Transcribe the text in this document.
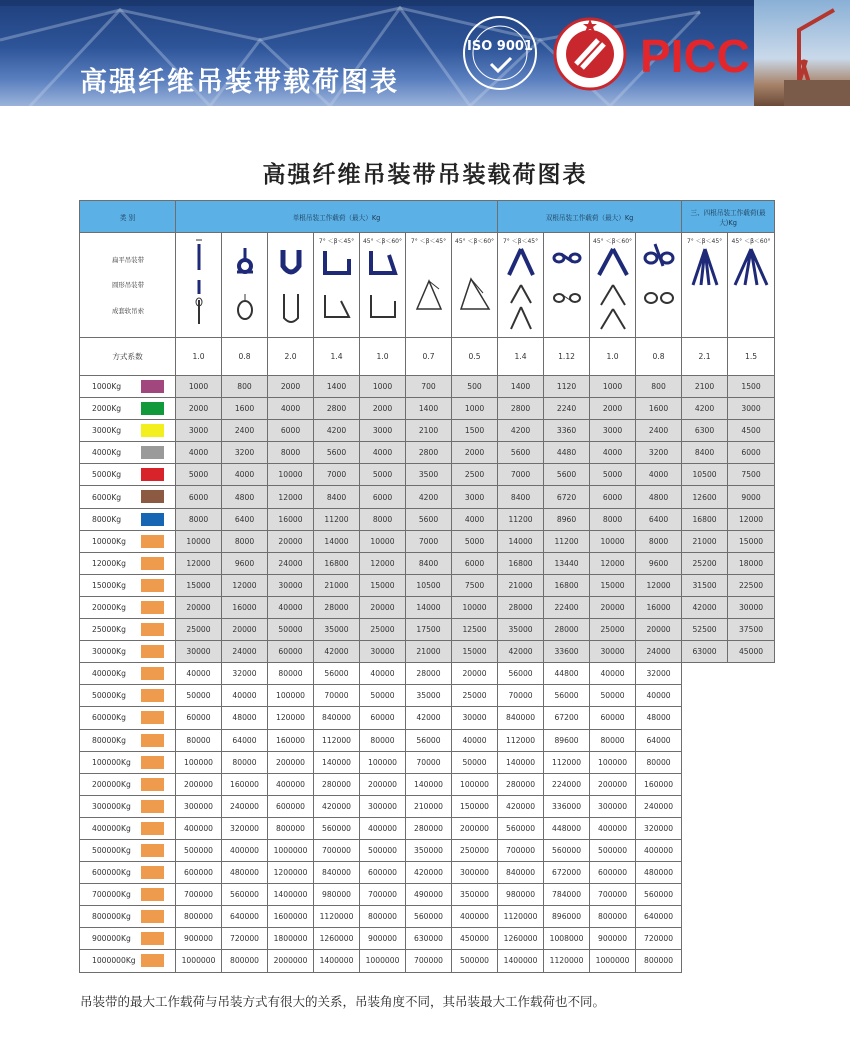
高强纤维吊装带载荷图表
ISO 9001 PICC
高强纤维吊装带吊装载荷图表
类 别	单根吊装工作载荷（最大）Kg							双根吊装工作载荷（最大）Kg				三、四根吊装工作载荷(最大)Kg	

扁平吊装带
圆形吊装带
成套软吊索				7° ＜β＜45°	45° ＜β＜60°	7° ＜β＜45°	45° ＜β＜60°	7° ＜β＜45°		45° ＜β＜60°		7° ＜β＜45°	45° ＜β＜60°

方式系数	1.0	0.8	2.0	1.4	1.0	0.7	0.5	1.4	1.12	1.0	0.8	2.1	1.5
1000Kg	1000	800	2000	1400	1000	700	500	1400	1120	1000	800	2100	1500
2000Kg	2000	1600	4000	2800	2000	1400	1000	2800	2240	2000	1600	4200	3000
3000Kg	3000	2400	6000	4200	3000	2100	1500	4200	3360	3000	2400	6300	4500
4000Kg	4000	3200	8000	5600	4000	2800	2000	5600	4480	4000	3200	8400	6000
5000Kg	5000	4000	10000	7000	5000	3500	2500	7000	5600	5000	4000	10500	7500
6000Kg	6000	4800	12000	8400	6000	4200	3000	8400	6720	6000	4800	12600	9000
8000Kg	8000	6400	16000	11200	8000	5600	4000	11200	8960	8000	6400	16800	12000
10000Kg	10000	8000	20000	14000	10000	7000	5000	14000	11200	10000	8000	21000	15000
12000Kg	12000	9600	24000	16800	12000	8400	6000	16800	13440	12000	9600	25200	18000
15000Kg	15000	12000	30000	21000	15000	10500	7500	21000	16800	15000	12000	31500	22500
20000Kg	20000	16000	40000	28000	20000	14000	10000	28000	22400	20000	16000	42000	30000
25000Kg	25000	20000	50000	35000	25000	17500	12500	35000	28000	25000	20000	52500	37500
30000Kg	30000	24000	60000	42000	30000	21000	15000	42000	33600	30000	24000	63000	45000
40000Kg	40000	32000	80000	56000	40000	28000	20000	56000	44800	40000	32000		
50000Kg	50000	40000	100000	70000	50000	35000	25000	70000	56000	50000	40000		
60000Kg	60000	48000	120000	840000	60000	42000	30000	840000	67200	60000	48000		
80000Kg	80000	64000	160000	112000	80000	56000	40000	112000	89600	80000	64000		
100000Kg	100000	80000	200000	140000	100000	70000	50000	140000	112000	100000	80000		
200000Kg	200000	160000	400000	280000	200000	140000	100000	280000	224000	200000	160000		
300000Kg	300000	240000	600000	420000	300000	210000	150000	420000	336000	300000	240000		
400000Kg	400000	320000	800000	560000	400000	280000	200000	560000	448000	400000	320000		
500000Kg	500000	400000	1000000	700000	500000	350000	250000	700000	560000	500000	400000		
600000Kg	600000	480000	1200000	840000	600000	420000	300000	840000	672000	600000	480000		
700000Kg	700000	560000	1400000	980000	700000	490000	350000	980000	784000	700000	560000		
800000Kg	800000	640000	1600000	1120000	800000	560000	400000	1120000	896000	800000	640000		
900000Kg	900000	720000	1800000	1260000	900000	630000	450000	1260000	1008000	900000	720000		
1000000Kg	1000000	800000	2000000	1400000	1000000	700000	500000	1400000	1120000	1000000	800000		
吊装带的最大工作载荷与吊装方式有很大的关系，吊装角度不同，其吊装最大工作载荷也不同。
